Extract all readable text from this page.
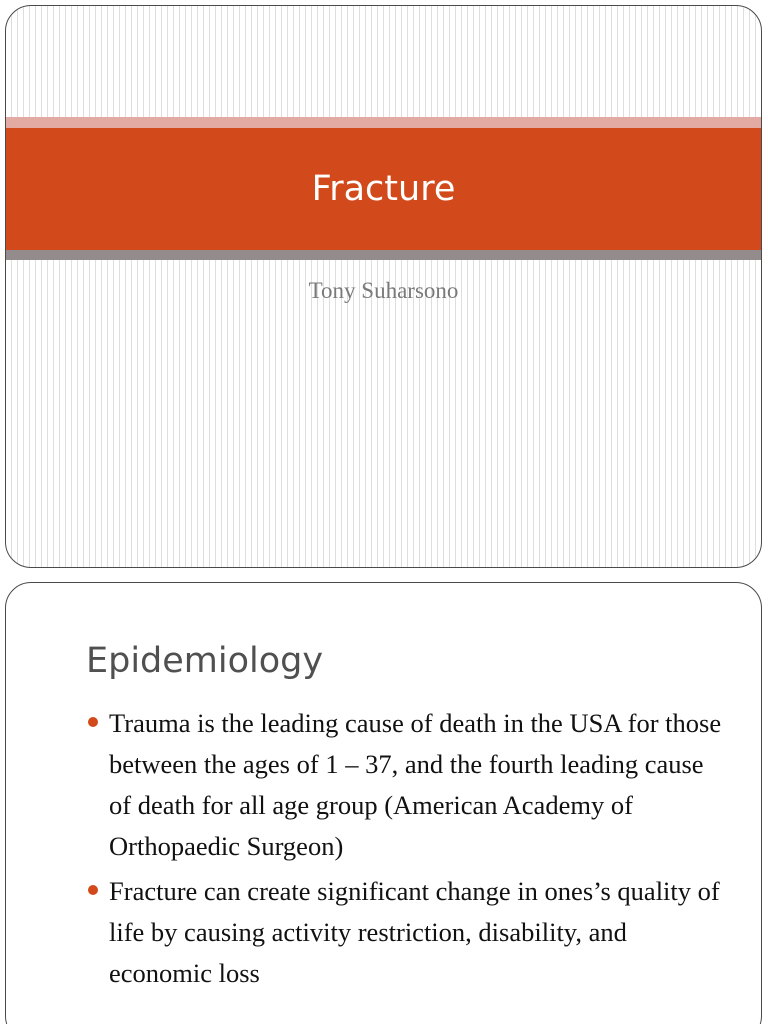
Fracture
Tony Suharsono
Epidemiology
Trauma is the leading cause of death in the USA for those between the ages of 1 – 37, and the fourth leading cause of death for all age group (American Academy of Orthopaedic Surgeon)
Fracture can create significant change in ones’s quality of life by causing activity restriction, disability, and economic loss
